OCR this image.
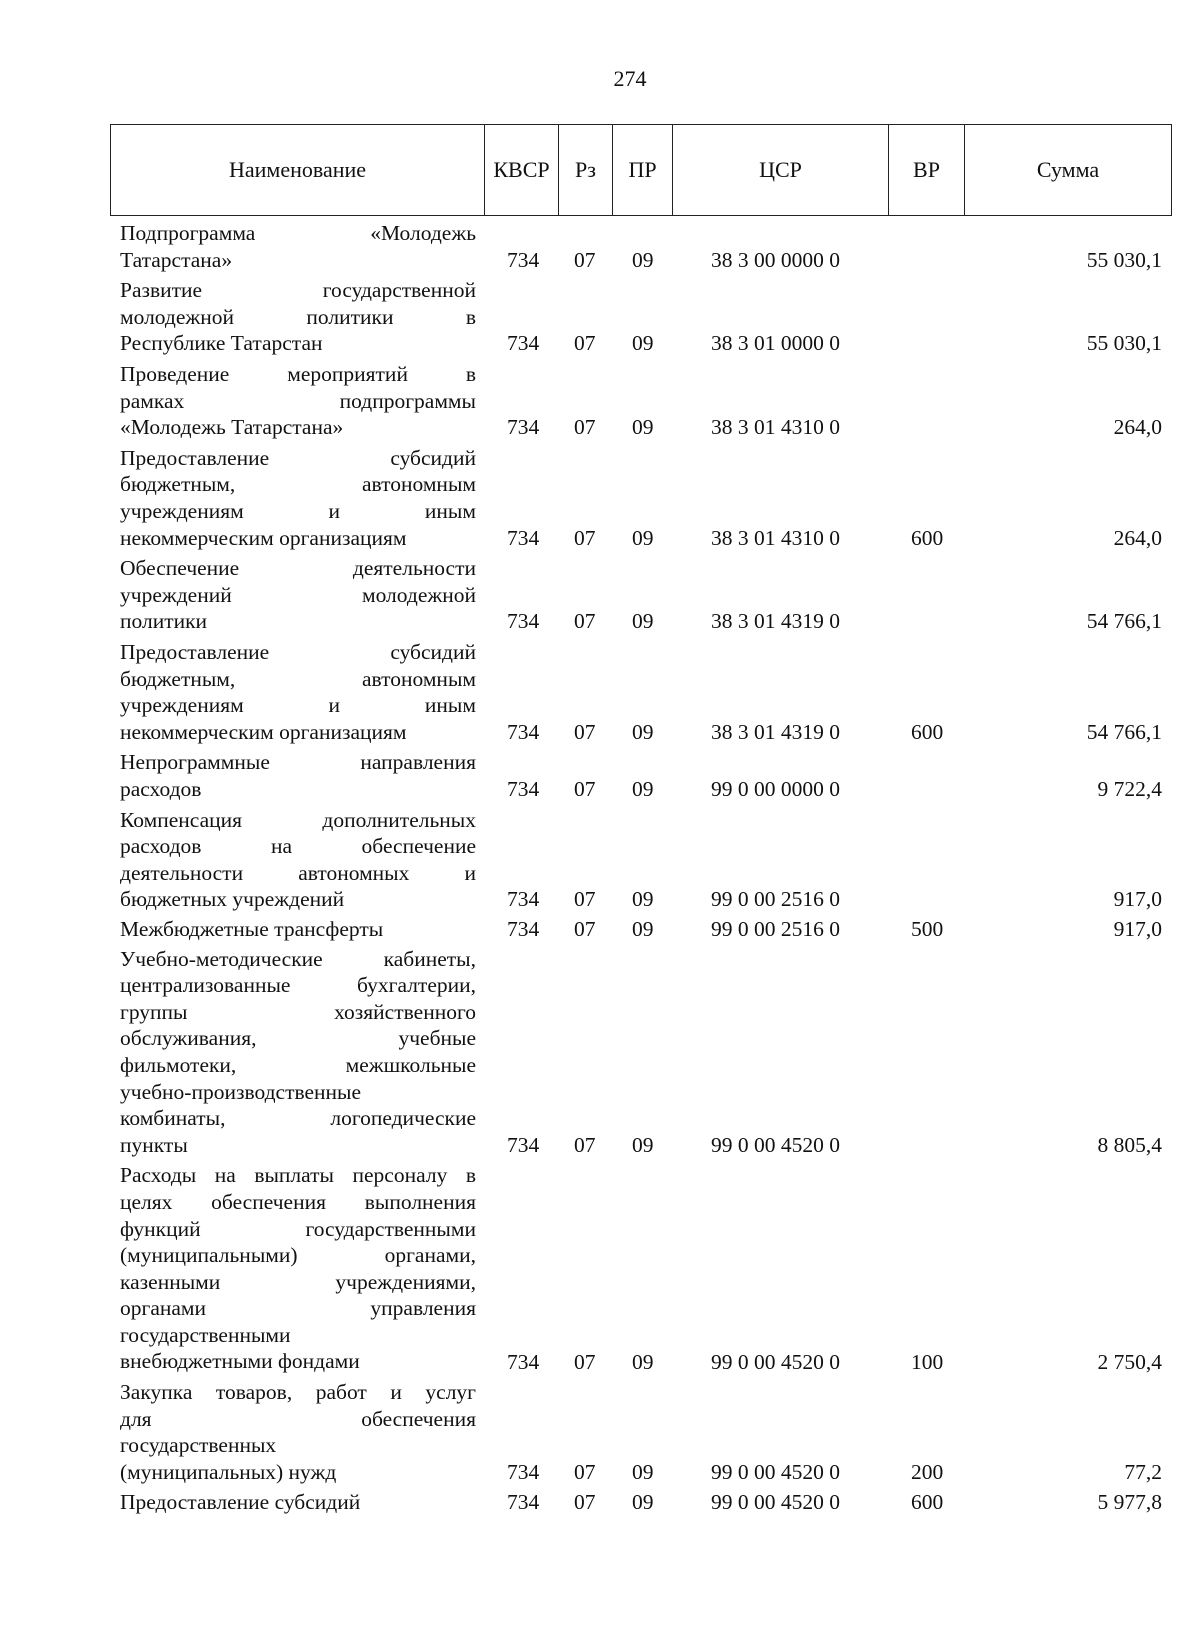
274
Наименование	КВСР	Рз	ПР	ЦСР	ВР	Сумма
Подпрограмма «Молодежь
Татарстана»	734 07 09	38 3 00 0000 0	55 030,1
Развитие государственной
молодежной политики в
Республике Татарстан	734 07 09	38 3 01 0000 0	55 030,1
Проведение мероприятий в
рамках подпрограммы
«Молодежь Татарстана»	734 07 09	38 3 01 4310 0	264,0
Предоставление субсидий
бюджетным, автономным
учреждениям и иным
некоммерческим организациям	734 07 09	38 3 01 4310 0	600	264,0
Обеспечение деятельности
учреждений молодежной
политики	734 07 09	38 3 01 4319 0	54 766,1
Предоставление субсидий
бюджетным, автономным
учреждениям и иным
некоммерческим организациям	734 07 09	38 3 01 4319 0	600	54 766,1
Непрограммные направления
расходов	734 07 09	99 0 00 0000 0	9 722,4
Компенсация дополнительных
расходов на обеспечение
деятельности автономных и
бюджетных учреждений	734 07 09	99 0 00 2516 0	917,0
Межбюджетные трансферты	734 07 09	99 0 00 2516 0	500	917,0
Учебно-методические кабинеты,
централизованные бухгалтерии,
группы хозяйственного
обслуживания, учебные
фильмотеки, межшкольные
учебно-производственные
комбинаты, логопедические
пункты	734 07 09	99 0 00 4520 0	8 805,4
Расходы на выплаты персоналу в
целях обеспечения выполнения
функций государственными
(муниципальными) органами,
казенными учреждениями,
органами управления
государственными
внебюджетными фондами	734 07 09	99 0 00 4520 0	100	2 750,4
Закупка товаров, работ и услуг
для обеспечения
государственных
(муниципальных) нужд	734 07 09	99 0 00 4520 0	200	77,2
Предоставление субсидий	734 07 09	99 0 00 4520 0	600	5 977,8
